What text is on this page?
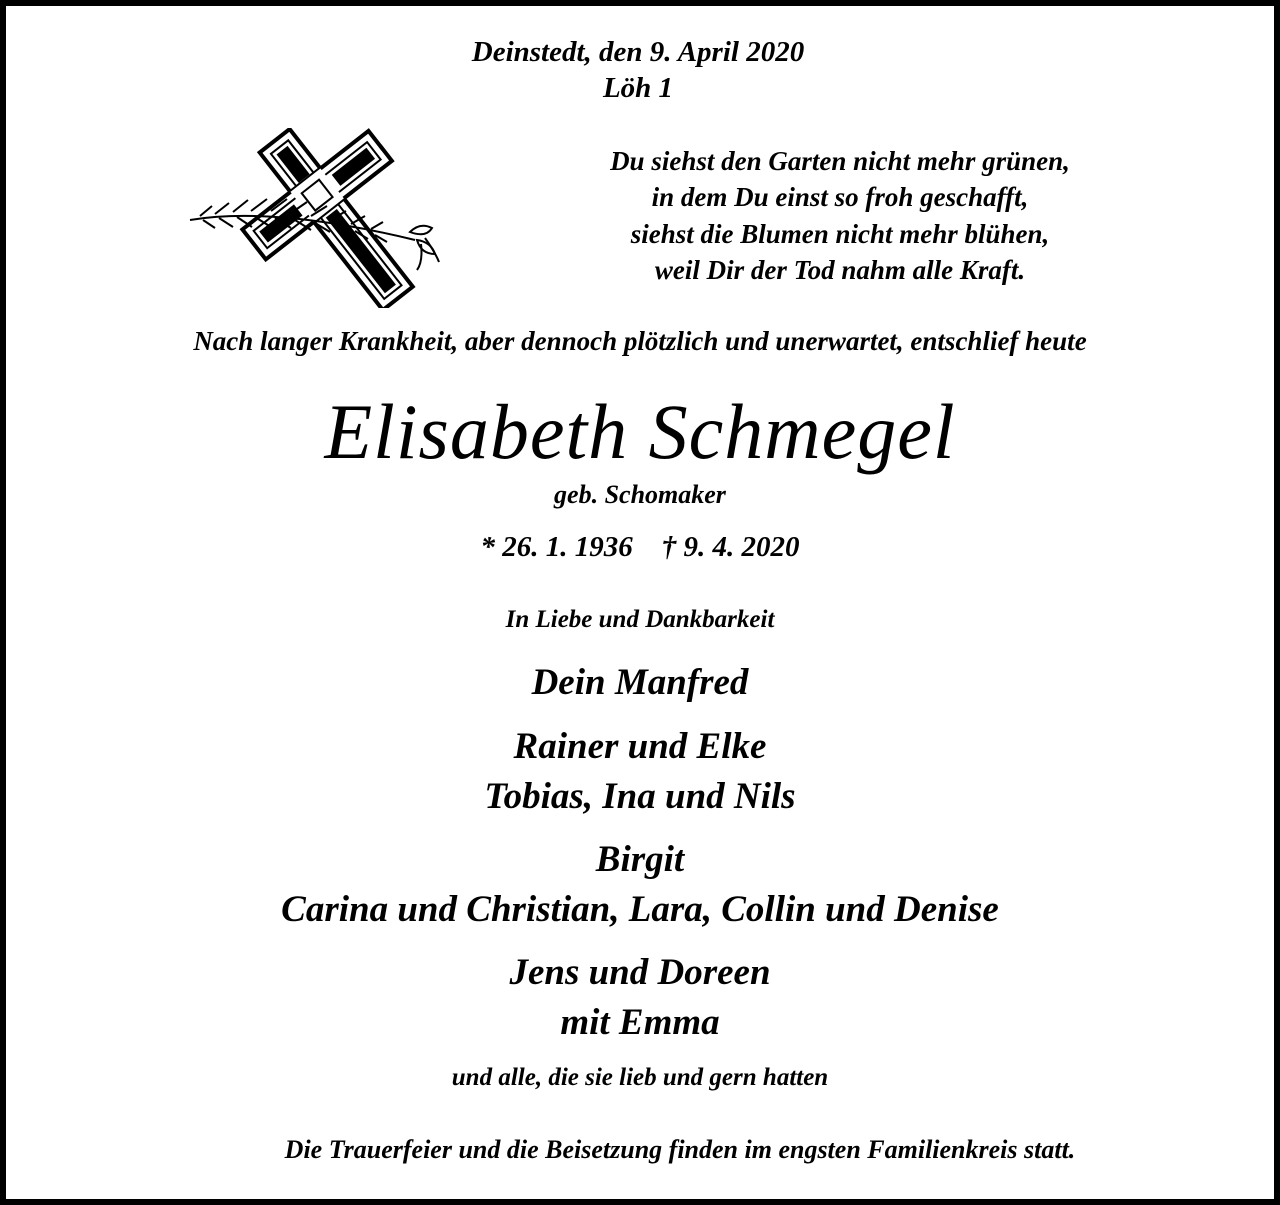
Deinstedt, den 9. April 2020
Löh 1
Du siehst den Garten nicht mehr grünen,
in dem Du einst so froh geschafft,
siehst die Blumen nicht mehr blühen,
weil Dir der Tod nahm alle Kraft.
Nach langer Krankheit, aber dennoch plötzlich und unerwartet, entschlief heute
Elisabeth Schmegel
geb. Schomaker
* 26. 1. 1936    † 9. 4. 2020
In Liebe und Dankbarkeit
Dein Manfred
Rainer und Elke
Tobias, Ina und Nils
Birgit
Carina und Christian, Lara, Collin und Denise
Jens und Doreen
mit Emma
und alle, die sie lieb und gern hatten
Die Trauerfeier und die Beisetzung finden im engsten Familienkreis statt.
